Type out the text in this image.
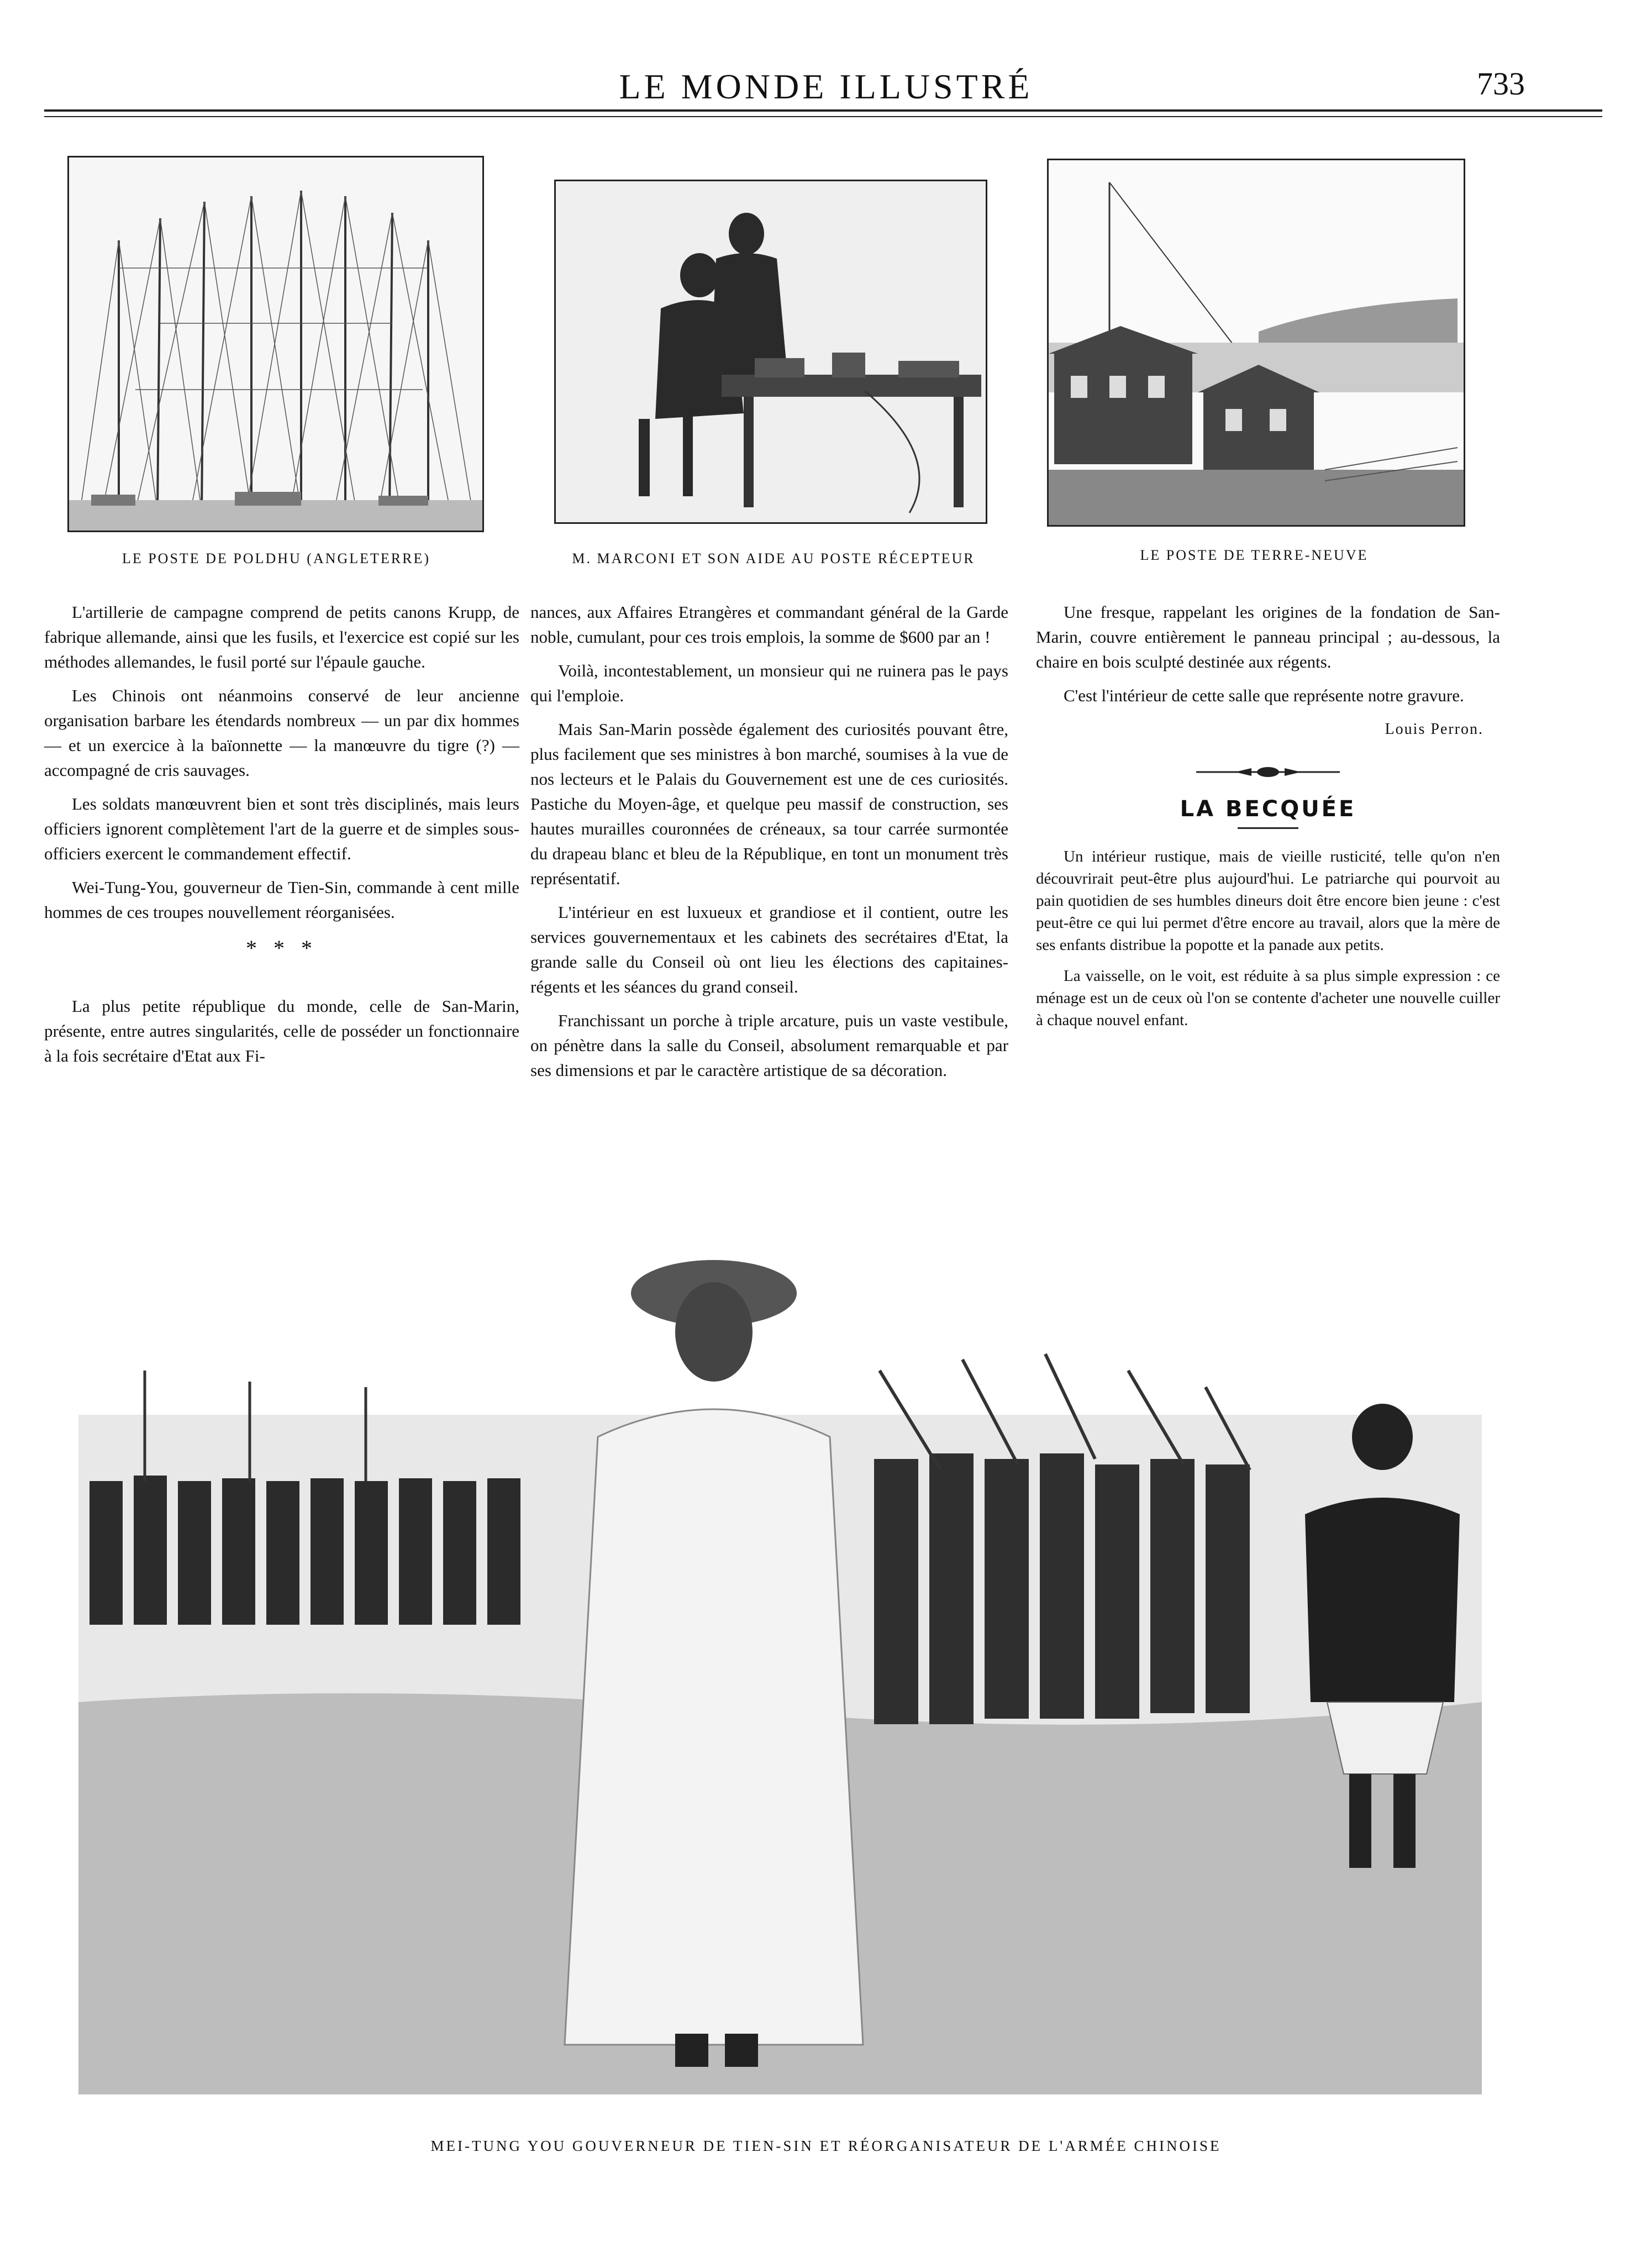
LE MONDE ILLUSTRÉ	733
LE POSTE DE POLDHU (ANGLETERRE)	M. MARCONI ET SON AIDE AU POSTE RÉCEPTEUR	LE POSTE DE TERRE-NEUVE

L'artillerie de campagne comprend de petits canons Krupp, de fabrique allemande, ainsi que les fusils, et l'exercice est copié sur les méthodes allemandes, le fusil porté sur l'épaule gauche.

Les Chinois ont néanmoins conservé de leur ancienne organisation barbare les étendards nombreux — un par dix hommes — et un exercice à la baïonnette — la manœuvre du tigre (?) — accompagné de cris sauvages.

Les soldats manœuvrent bien et sont très disciplinés, mais leurs officiers ignorent complètement l'art de la guerre et de simples sous-officiers exercent le commandement effectif.

Wei-Tung-You, gouverneur de Tien-Sin, commande à cent mille hommes de ces troupes nouvellement réorganisées.

* * *

La plus petite république du monde, celle de San-Marin, présente, entre autres singularités, celle de posséder un fonctionnaire à la fois secrétaire d'Etat aux Fi-

nances, aux Affaires Etrangères et commandant général de la Garde noble, cumulant, pour ces trois emplois, la somme de $600 par an !

Voilà, incontestablement, un monsieur qui ne ruinera pas le pays qui l'emploie.

Mais San-Marin possède également des curiosités pouvant être, plus facilement que ses ministres à bon marché, soumises à la vue de nos lecteurs et le Palais du Gouvernement est une de ces curiosités. Pastiche du Moyen-âge, et quelque peu massif de construction, ses hautes murailles couronnées de créneaux, sa tour carrée surmontée du drapeau blanc et bleu de la République, en tont un monument très représentatif.

L'intérieur en est luxueux et grandiose et il contient, outre les services gouvernementaux et les cabinets des secrétaires d'Etat, la grande salle du Conseil où ont lieu les élections des capitaines-régents et les séances du grand conseil.

Franchissant un porche à triple arcature, puis un vaste vestibule, on pénètre dans la salle du Conseil, absolument remarquable et par ses dimensions et par le caractère artistique de sa décoration.

Une fresque, rappelant les origines de la fondation de San-Marin, couvre entièrement le panneau principal ; au-dessous, la chaire en bois sculpté destinée aux régents.

C'est l'intérieur de cette salle que représente notre gravure.

Louis Perron.
LA BECQUÉE

Un intérieur rustique, mais de vieille rusticité, telle qu'on n'en découvrirait peut-être plus aujourd'hui. Le patriarche qui pourvoit au pain quotidien de ses humbles dineurs doit être encore bien jeune : c'est peut-être ce qui lui permet d'être encore au travail, alors que la mère de ses enfants distribue la popotte et la panade aux petits.

La vaisselle, on le voit, est réduite à sa plus simple expression : ce ménage est un de ceux où l'on se contente d'acheter une nouvelle cuiller à chaque nouvel enfant.

MEI-TUNG YOU GOUVERNEUR DE TIEN-SIN ET RÉORGANISATEUR DE L'ARMÉE CHINOISE
